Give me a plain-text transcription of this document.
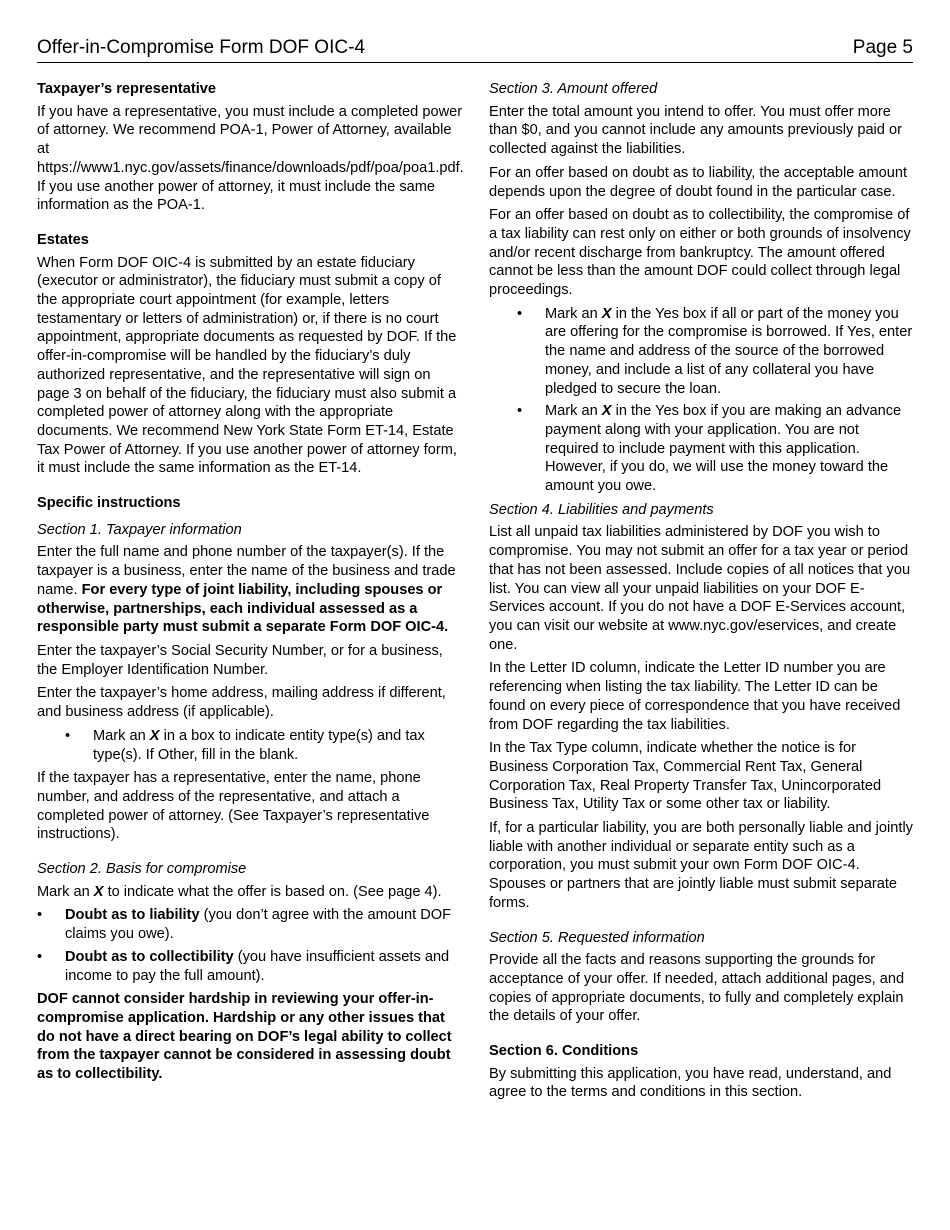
Offer-in-Compromise Form DOF OIC-4	Page 5
Taxpayer’s representative

If you have a representative, you must include a completed power of attorney. We recommend POA-1, Power of Attorney, available at https://www1.nyc.gov/assets/finance/downloads/pdf/poa/poa1.pdf. If you use another power of attorney, it must include the same information as the POA-1.

Estates

When Form DOF OIC-4 is submitted by an estate fiduciary (executor or administrator), the fiduciary must submit a copy of the appropriate court appointment (for example, letters testamentary or letters of administration) or, if there is no court appointment, appropriate documents as requested by DOF. If the offer-in-compromise will be handled by the fiduciary’s duly authorized representative, and the representative will sign on page 3 on behalf of the fiduciary, the fiduciary must also submit a completed power of attorney along with the appropriate documents. We recommend New York State Form ET-14, Estate Tax Power of Attorney. If you use another power of attorney form, it must include the same information as the ET-14.

Specific instructions
Section 1. Taxpayer information

Enter the full name and phone number of the taxpayer(s). If the taxpayer is a business, enter the name of the business and trade name. For every type of joint liability, including spouses or otherwise, partnerships, each individual assessed as a responsible party must submit a separate Form DOF OIC-4.

Enter the taxpayer’s Social Security Number, or for a business, the Employer Identification Number.

Enter the taxpayer’s home address, mailing address if different, and business address (if applicable).

• Mark an X in a box to indicate entity type(s) and tax type(s). If Other, fill in the blank.

If the taxpayer has a representative, enter the name, phone number, and address of the representative, and attach a completed power of attorney. (See Taxpayer’s representative instructions).

Section 2. Basis for compromise

Mark an X to indicate what the offer is based on. (See page 4).

• Doubt as to liability (you don’t agree with the amount DOF claims you owe).
• Doubt as to collectibility (you have insufficient assets and income to pay the full amount).

DOF cannot consider hardship in reviewing your offer-in-compromise application. Hardship or any other issues that do not have a direct bearing on DOF’s legal ability to collect from the taxpayer cannot be considered in assessing doubt as to collectibility.

Section 3. Amount offered

Enter the total amount you intend to offer. You must offer more than $0, and you cannot include any amounts previously paid or collected against the liabilities.

For an offer based on doubt as to liability, the acceptable amount depends upon the degree of doubt found in the particular case.

For an offer based on doubt as to collectibility, the compromise of a tax liability can rest only on either or both grounds of insolvency and/or recent discharge from bankruptcy. The amount offered cannot be less than the amount DOF could collect through legal proceedings.

• Mark an X in the Yes box if all or part of the money you are offering for the compromise is borrowed. If Yes, enter the name and address of the source of the borrowed money, and include a list of any collateral you have pledged to secure the loan.
• Mark an X in the Yes box if you are making an advance payment along with your application. You are not required to include payment with this application. However, if you do, we will use the money toward the amount you owe.
Section 4. Liabilities and payments

List all unpaid tax liabilities administered by DOF you wish to compromise. You may not submit an offer for a tax year or period that has not been assessed. Include copies of all notices that you list. You can view all your unpaid liabilities on your DOF E-Services account. If you do not have a DOF E-Services account, you can visit our website at www.nyc.gov/eservices, and create one.

In the Letter ID column, indicate the Letter ID number you are referencing when listing the tax liability. The Letter ID can be found on every piece of correspondence that you have received from DOF regarding the tax liabilities.

In the Tax Type column, indicate whether the notice is for Business Corporation Tax, Commercial Rent Tax, General Corporation Tax, Real Property Transfer Tax, Unincorporated Business Tax, Utility Tax or some other tax or liability.

If, for a particular liability, you are both personally liable and jointly liable with another individual or separate entity such as a corporation, you must submit your own Form DOF OIC-4. Spouses or partners that are jointly liable must submit separate forms.

Section 5. Requested information

Provide all the facts and reasons supporting the grounds for acceptance of your offer. If needed, attach additional pages, and copies of appropriate documents, to fully and completely explain the details of your offer.

Section 6. Conditions

By submitting this application, you have read, understand, and agree to the terms and conditions in this section.
